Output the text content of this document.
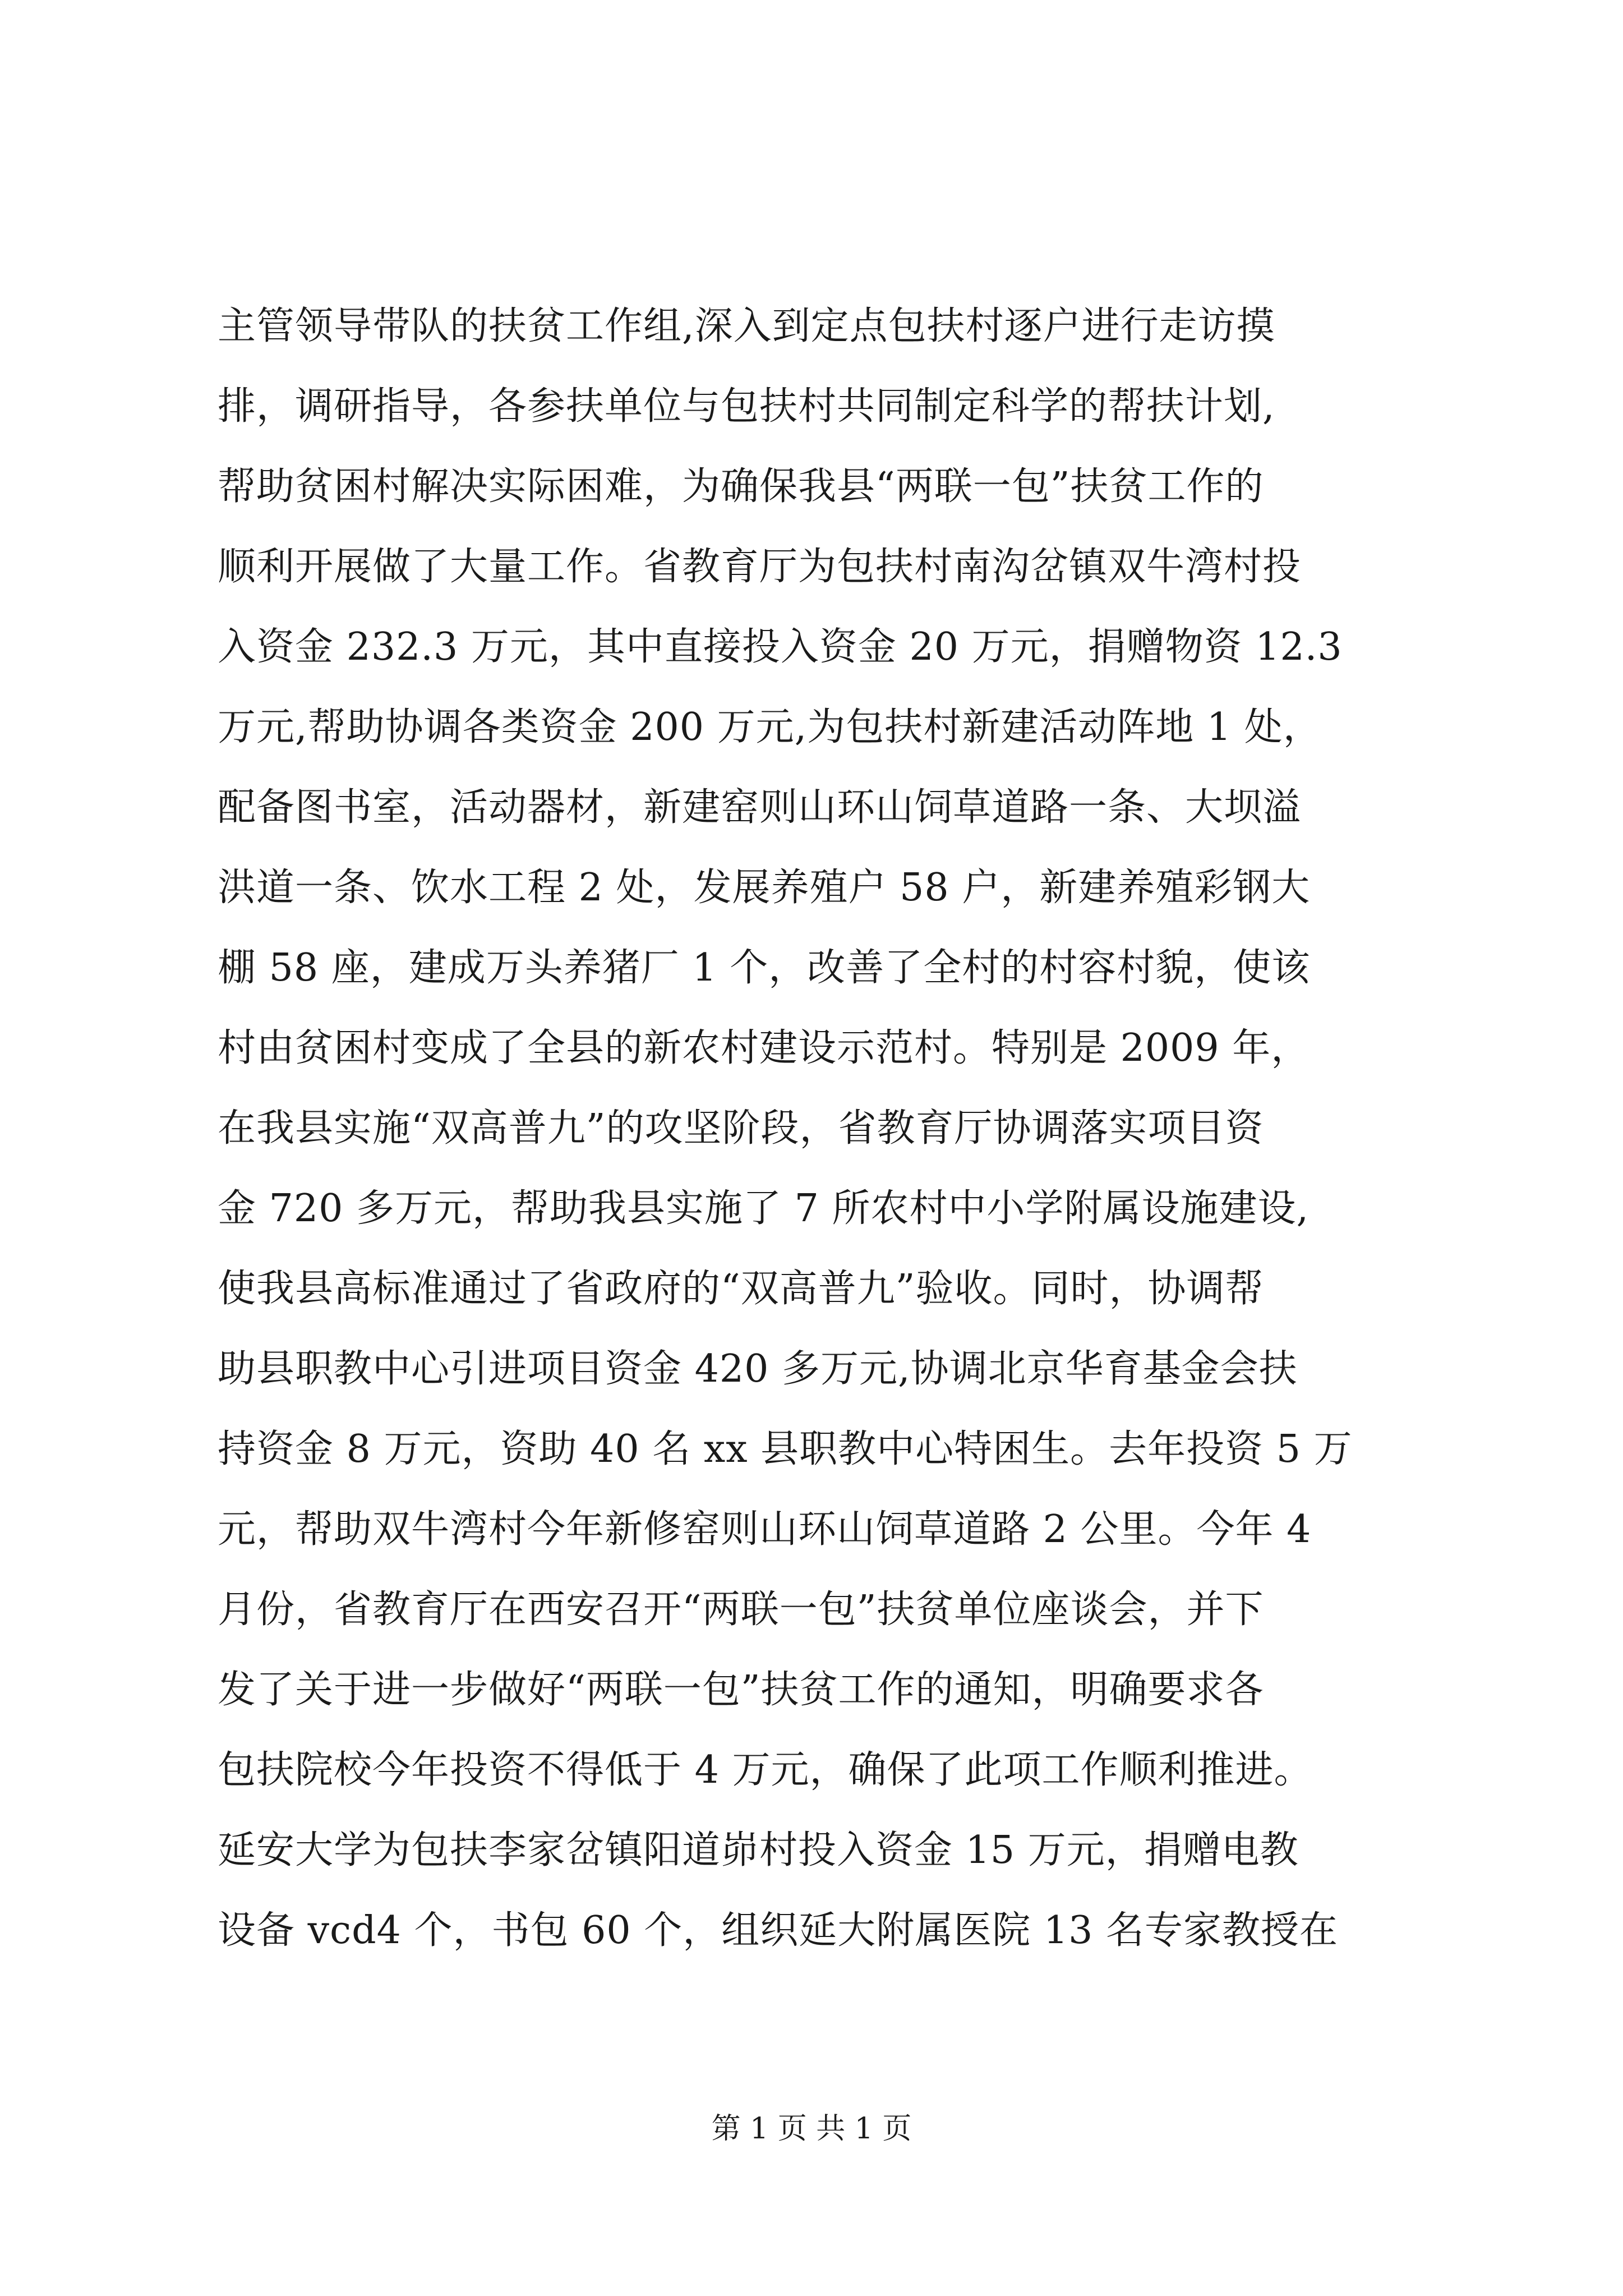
主管领导带队的扶贫工作组,深入到定点包扶村逐户进行走访摸
排，调研指导，各参扶单位与包扶村共同制定科学的帮扶计划,
帮助贫困村解决实际困难，为确保我县“两联一包”扶贫工作的
顺利开展做了大量工作。省教育厅为包扶村南沟岔镇双牛湾村投
入资金 232.3 万元，其中直接投入资金 20 万元，捐赠物资 12.3
万元,帮助协调各类资金 200 万元,为包扶村新建活动阵地 1 处，
配备图书室，活动器材，新建窑则山环山饲草道路一条、大坝溢
洪道一条、饮水工程 2 处，发展养殖户 58 户，新建养殖彩钢大
棚 58 座，建成万头养猪厂 1 个，改善了全村的村容村貌，使该
村由贫困村变成了全县的新农村建设示范村。特别是 2009 年，
在我县实施“双高普九”的攻坚阶段，省教育厅协调落实项目资
金 720 多万元，帮助我县实施了 7 所农村中小学附属设施建设,
使我县高标准通过了省政府的“双高普九”验收。同时，协调帮
助县职教中心引进项目资金 420 多万元,协调北京华育基金会扶
持资金 8 万元，资助 40 名 xx 县职教中心特困生。去年投资 5 万
元，帮助双牛湾村今年新修窑则山环山饲草道路 2 公里。今年 4
月份，省教育厅在西安召开“两联一包”扶贫单位座谈会，并下
发了关于进一步做好“两联一包”扶贫工作的通知，明确要求各
包扶院校今年投资不得低于 4 万元，确保了此项工作顺利推进。
延安大学为包扶李家岔镇阳道峁村投入资金 15 万元，捐赠电教
设备 vcd4 个，书包 60 个，组织延大附属医院 13 名专家教授在
第 1 页 共 1 页
